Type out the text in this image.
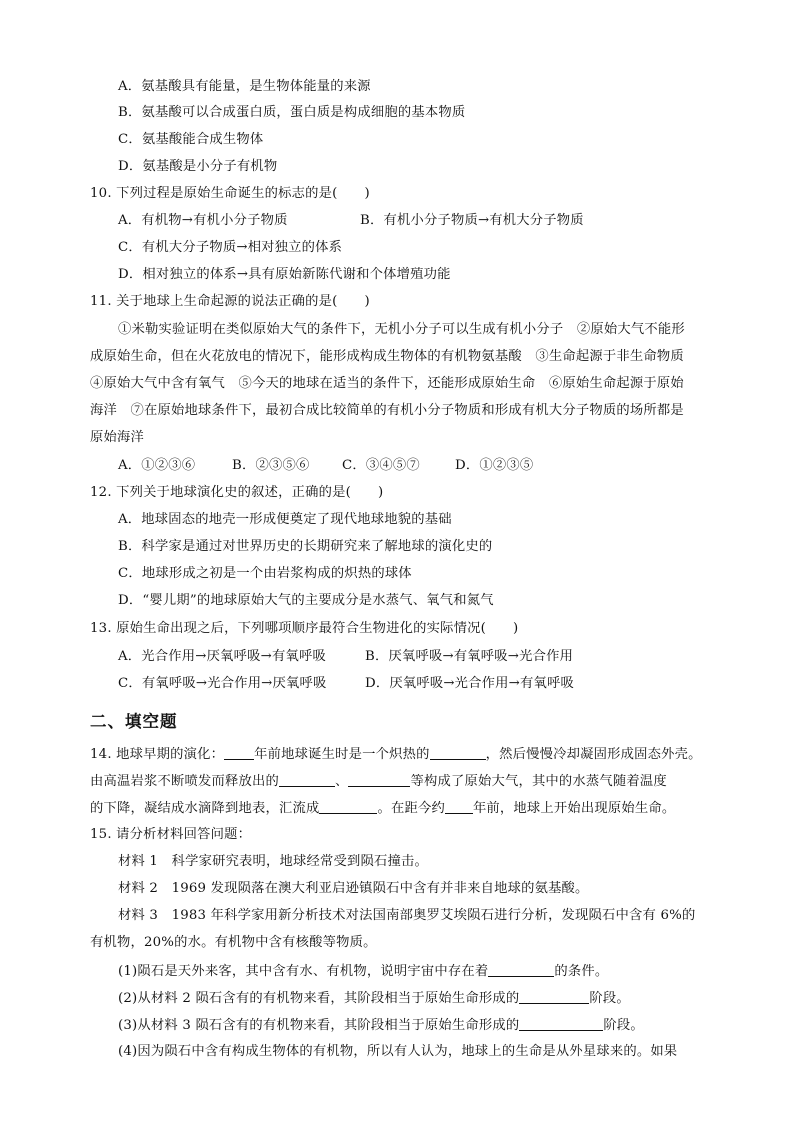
A．氨基酸具有能量，是生物体能量的来源
B．氨基酸可以合成蛋白质，蛋白质是构成细胞的基本物质
C．氨基酸能合成生物体
D．氨基酸是小分子有机物
10. 下列过程是原始生命诞生的标志的是(　　)
A．有机物→有机小分子物质	B．有机小分子物质→有机大分子物质
C．有机大分子物质→相对独立的体系
D．相对独立的体系→具有原始新陈代谢和个体增殖功能
11. 关于地球上生命起源的说法正确的是(　　)
①米勒实验证明在类似原始大气的条件下，无机小分子可以生成有机小分子　②原始大气不能形
成原始生命，但在火花放电的情况下，能形成构成生物体的有机物氨基酸　③生命起源于非生命物质
④原始大气中含有氧气　⑤今天的地球在适当的条件下，还能形成原始生命　⑥原始生命起源于原始
海洋　⑦在原始地球条件下，最初合成比较简单的有机小分子物质和形成有机大分子物质的场所都是
原始海洋
A．①②③⑥	B．②③⑤⑥ C．③④⑤⑦	D．①②③⑤
12. 下列关于地球演化史的叙述，正确的是(　　)
A．地球固态的地壳一形成便奠定了现代地球地貌的基础
B．科学家是通过对世界历史的长期研究来了解地球的演化史的
C．地球形成之初是一个由岩浆构成的炽热的球体
D．“婴儿期”的地球原始大气的主要成分是水蒸气、氧气和氮气
13. 原始生命出现之后，下列哪项顺序最符合生物进化的实际情况(　　)
A．光合作用→厌氧呼吸→有氧呼吸	B．厌氧呼吸→有氧呼吸→光合作用
C．有氧呼吸→光合作用→厌氧呼吸	D．厌氧呼吸→光合作用→有氧呼吸
二、填空题
14. 地球早期的演化： 年前地球诞生时是一个炽热的	，然后慢慢冷却凝固形成固态外壳。
由高温岩浆不断喷发而释放出的	、	等构成了原始大气，其中的水蒸气随着温度
的下降，凝结成水滴降到地表，汇流成	。在距今约 年前，地球上开始出现原始生命。
15. 请分析材料回答问题：
材料 1　科学家研究表明，地球经常受到陨石撞击。
材料 2　1969 发现陨落在澳大利亚启逊镇陨石中含有并非来自地球的氨基酸。
材料 3　1983 年科学家用新分析技术对法国南部奥罗艾埃陨石进行分析，发现陨石中含有 6%的
有机物，20%的水。有机物中含有核酸等物质。
(1)陨石是天外来客，其中含有水、有机物，说明宇宙中存在着	的条件。
(2)从材料 2 陨石含有的有机物来看，其阶段相当于原始生命形成的	阶段。
(3)从材料 3 陨石含有的有机物来看，其阶段相当于原始生命形成的	阶段。
(4)因为陨石中含有构成生物体的有机物，所以有人认为，地球上的生命是从外星球来的。如果
